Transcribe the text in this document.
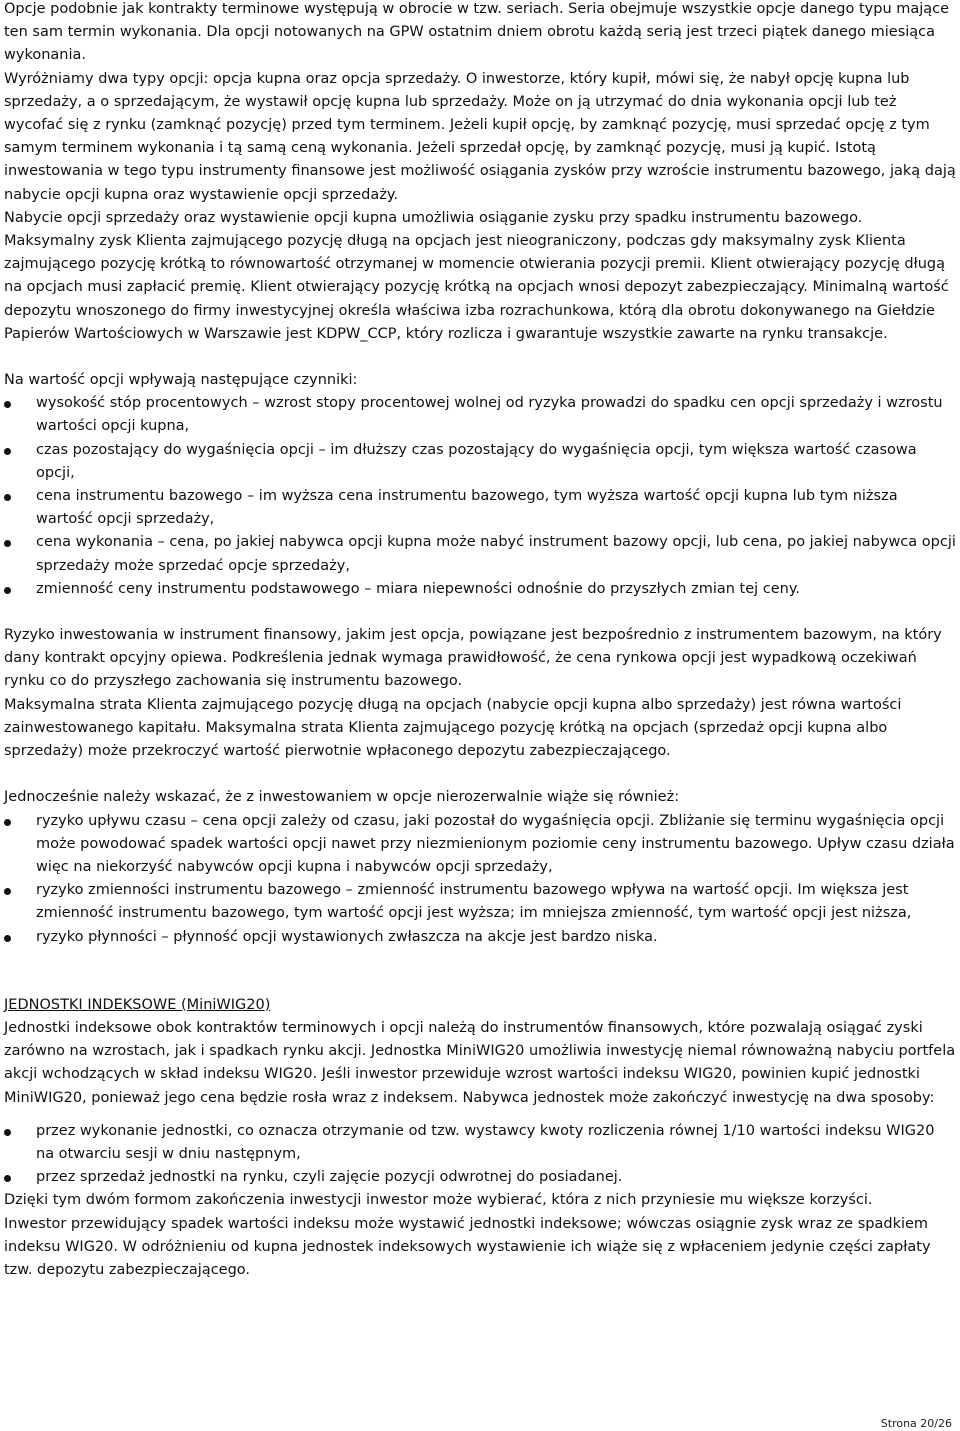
Opcje podobnie jak kontrakty terminowe występują w obrocie w tzw. seriach. Seria obejmuje wszystkie opcje danego typu mające ten sam termin wykonania. Dla opcji notowanych na GPW ostatnim dniem obrotu każdą serią jest trzeci piątek danego miesiąca wykonania.

Wyróżniamy dwa typy opcji: opcja kupna oraz opcja sprzedaży. O inwestorze, który kupił, mówi się, że nabył opcję kupna lub sprzedaży, a o sprzedającym, że wystawił opcję kupna lub sprzedaży. Może on ją utrzymać do dnia wykonania opcji lub też wycofać się z rynku (zamknąć pozycję) przed tym terminem. Jeżeli kupił opcję, by zamknąć pozycję, musi sprzedać opcję z tym samym terminem wykonania i tą samą ceną wykonania. Jeżeli sprzedał opcję, by zamknąć pozycję, musi ją kupić. Istotą inwestowania w tego typu instrumenty finansowe jest możliwość osiągania zysków przy wzroście instrumentu bazowego, jaką dają nabycie opcji kupna oraz wystawienie opcji sprzedaży.

Nabycie opcji sprzedaży oraz wystawienie opcji kupna umożliwia osiąganie zysku przy spadku instrumentu bazowego.

Maksymalny zysk Klienta zajmującego pozycję długą na opcjach jest nieograniczony, podczas gdy maksymalny zysk Klienta zajmującego pozycję krótką to równowartość otrzymanej w momencie otwierania pozycji premii. Klient otwierający pozycję długą na opcjach musi zapłacić premię. Klient otwierający pozycję krótką na opcjach wnosi depozyt zabezpieczający. Minimalną wartość depozytu wnoszonego do firmy inwestycyjnej określa właściwa izba rozrachunkowa, którą dla obrotu dokonywanego na Giełdzie Papierów Wartościowych w Warszawie jest KDPW_CCP, który rozlicza i gwarantuje wszystkie zawarte na rynku transakcje.

Na wartość opcji wpływają następujące czynniki:

wysokość stóp procentowych – wzrost stopy procentowej wolnej od ryzyka prowadzi do spadku cen opcji sprzedaży i wzrostu wartości opcji kupna,
czas pozostający do wygaśnięcia opcji – im dłuższy czas pozostający do wygaśnięcia opcji, tym większa wartość czasowa opcji,
cena instrumentu bazowego – im wyższa cena instrumentu bazowego, tym wyższa wartość opcji kupna lub tym niższa wartość opcji sprzedaży,
cena wykonania – cena, po jakiej nabywca opcji kupna może nabyć instrument bazowy opcji, lub cena, po jakiej nabywca opcji sprzedaży może sprzedać opcje sprzedaży,
zmienność ceny instrumentu podstawowego – miara niepewności odnośnie do przyszłych zmian tej ceny.

Ryzyko inwestowania w instrument finansowy, jakim jest opcja, powiązane jest bezpośrednio z instrumentem bazowym, na który dany kontrakt opcyjny opiewa. Podkreślenia jednak wymaga prawidłowość, że cena rynkowa opcji jest wypadkową oczekiwań rynku co do przyszłego zachowania się instrumentu bazowego.

Maksymalna strata Klienta zajmującego pozycję długą na opcjach (nabycie opcji kupna albo sprzedaży) jest równa wartości zainwestowanego kapitału. Maksymalna strata Klienta zajmującego pozycję krótką na opcjach (sprzedaż opcji kupna albo sprzedaży) może przekroczyć wartość pierwotnie wpłaconego depozytu zabezpieczającego.

Jednocześnie należy wskazać, że z inwestowaniem w opcje nierozerwalnie wiąże się również:

ryzyko upływu czasu – cena opcji zależy od czasu, jaki pozostał do wygaśnięcia opcji. Zbliżanie się terminu wygaśnięcia opcji może powodować spadek wartości opcji nawet przy niezmienionym poziomie ceny instrumentu bazowego. Upływ czasu działa więc na niekorzyść nabywców opcji kupna i nabywców opcji sprzedaży,
ryzyko zmienności instrumentu bazowego – zmienność instrumentu bazowego wpływa na wartość opcji. Im większa jest zmienność instrumentu bazowego, tym wartość opcji jest wyższa; im mniejsza zmienność, tym wartość opcji jest niższa,
ryzyko płynności – płynność opcji wystawionych zwłaszcza na akcje jest bardzo niska.

JEDNOSTKI INDEKSOWE (MiniWIG20)

Jednostki indeksowe obok kontraktów terminowych i opcji należą do instrumentów finansowych, które pozwalają osiągać zyski zarówno na wzrostach, jak i spadkach rynku akcji. Jednostka MiniWIG20 umożliwia inwestycję niemal równoważną nabyciu portfela akcji wchodzących w skład indeksu WIG20. Jeśli inwestor przewiduje wzrost wartości indeksu WIG20, powinien kupić jednostki MiniWIG20, ponieważ jego cena będzie rosła wraz z indeksem. Nabywca jednostek może zakończyć inwestycję na dwa sposoby:

przez wykonanie jednostki, co oznacza otrzymanie od tzw. wystawcy kwoty rozliczenia równej 1/10 wartości indeksu WIG20 na otwarciu sesji w dniu następnym,
przez sprzedaż jednostki na rynku, czyli zajęcie pozycji odwrotnej do posiadanej.

Dzięki tym dwóm formom zakończenia inwestycji inwestor może wybierać, która z nich przyniesie mu większe korzyści.

Inwestor przewidujący spadek wartości indeksu może wystawić jednostki indeksowe; wówczas osiągnie zysk wraz ze spadkiem indeksu WIG20. W odróżnieniu od kupna jednostek indeksowych wystawienie ich wiąże się z wpłaceniem jedynie części zapłaty tzw. depozytu zabezpieczającego.

Strona 20/26
